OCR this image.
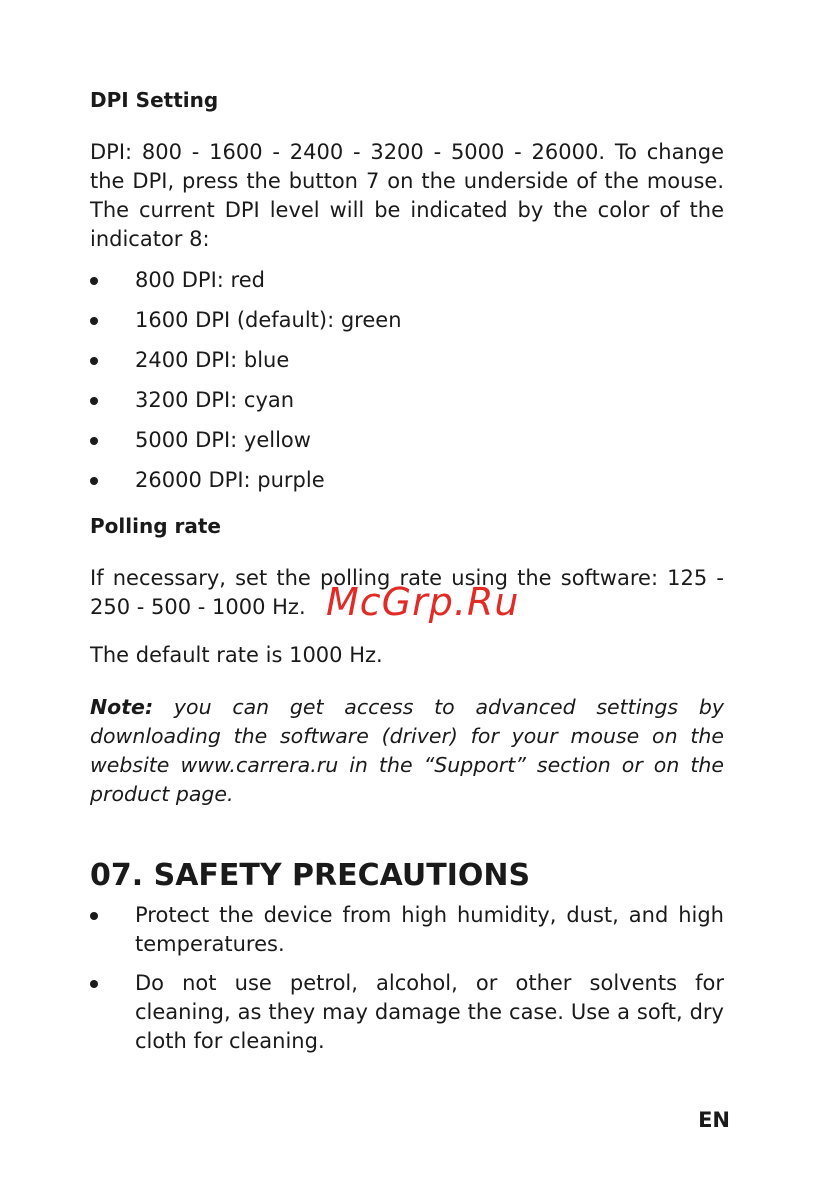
DPI Setting

DPI: 800 - 1600 - 2400 - 3200 - 5000 - 26000. To change the DPI, press the button 7 on the underside of the mouse. The current DPI level will be indicated by the color of the indicator 8:

800 DPI: red
1600 DPI (default): green
2400 DPI: blue
3200 DPI: cyan
5000 DPI: yellow
26000 DPI: purple
Polling rate

If necessary, set the polling rate using the software: 125 - 250 - 500 - 1000 Hz.

The default rate is 1000 Hz.

Note: you can get access to advanced settings by downloading the software (driver) for your mouse on the website www.carrera.ru in the “Support” section or on the product page.

07. SAFETY PRECAUTIONS
Protect the device from high humidity, dust, and high temperatures.
Do not use petrol, alcohol, or other solvents for cleaning, as they may damage the case. Use a soft, dry cloth for cleaning.
McGrp.Ru
EN
